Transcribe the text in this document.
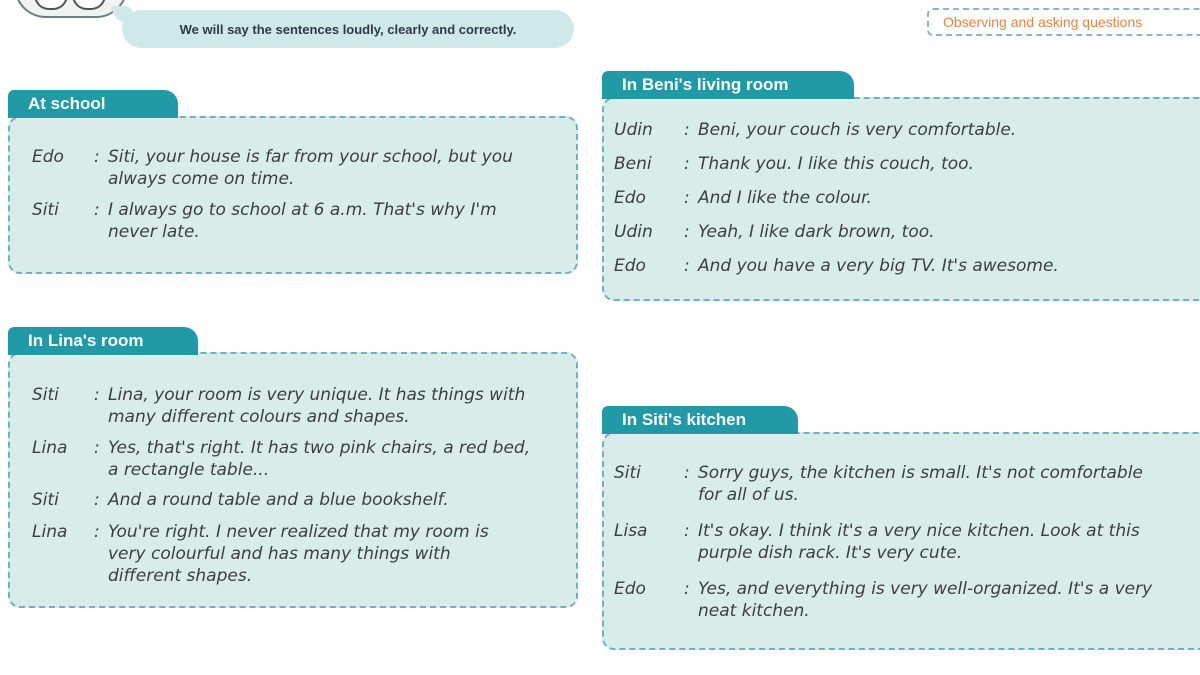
We will say the sentences loudly, clearly and correctly.	Observing and asking questions
At school
Edo	: Siti, your house is far from your school, but you always come on time.
Siti	: I always go to school at 6 a.m. That's why I'm never late.
In Lina's room
Siti	: Lina, your room is very unique. It has things with many different colours and shapes.
Lina	: Yes, that's right. It has two pink chairs, a red bed, a rectangle table...
Siti	: And a round table and a blue bookshelf.
Lina	: You're right. I never realized that my room is very colourful and has many things with different shapes.
In Beni's living room
Udin	: Beni, your couch is very comfortable.
Beni	: Thank you. I like this couch, too.
Edo	: And I like the colour.
Udin	: Yeah, I like dark brown, too.
Edo	: And you have a very big TV. It's awesome.
In Siti's kitchen
Siti	: Sorry guys, the kitchen is small. It's not comfortable for all of us.
Lisa	: It's okay. I think it's a very nice kitchen. Look at this purple dish rack. It's very cute.
Edo	: Yes, and everything is very well-organized. It's a very neat kitchen.
